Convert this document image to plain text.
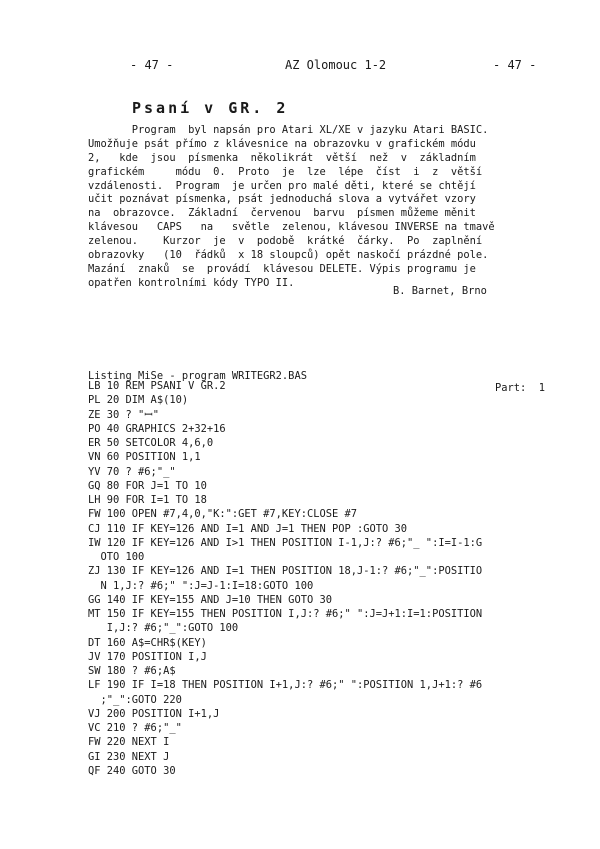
- 47 -	AZ Olomouc 1-2	- 47 -
Psaní v GR. 2
Program  byl napsán pro Atari XL/XE v jazyku Atari BASIC.
Umožňuje psát přímo z klávesnice na obrazovku v grafickém módu
2,   kde  jsou  písmenka  několikrát  větší  než  v  základním
grafickém     módu  0.  Proto  je  lze  lépe  číst  i  z  větší
vzdálenosti.  Program  je určen pro malé děti, které se chtějí
učit poznávat písmenka, psát jednoduchá slova a vytvářet vzory
na  obrazovce.  Základní  červenou  barvu  písmen můžeme měnit
klávesou   CAPS   na   světle  zelenou, klávesou INVERSE na tmavě
zelenou.    Kurzor  je  v  podobě  krátké  čárky.  Po  zaplnění
obrazovky   (10  řádků  x 18 sloupců) opět naskočí prázdné pole.
Mazání  znaků  se  provádí  klávesou DELETE. Výpis programu je
opatřen kontrolními kódy TYPO II.
B. Barnet, Brno

Listing MiSe - program WRITEGR2.BAS

Part:  1

LB 10 REM PSANI V GR.2
PL 20 DIM A$(10)
ZE 30 ? "ꟷ"
PO 40 GRAPHICS 2+32+16
ER 50 SETCOLOR 4,6,0
VN 60 POSITION 1,1
YV 70 ? #6;"_"
GQ 80 FOR J=1 TO 10
LH 90 FOR I=1 TO 18
FW 100 OPEN #7,4,0,"K:":GET #7,KEY:CLOSE #7
CJ 110 IF KEY=126 AND I=1 AND J=1 THEN POP :GOTO 30
IW 120 IF KEY=126 AND I>1 THEN POSITION I-1,J:? #6;"_ ":I=I-1:G
OTO 100
ZJ 130 IF KEY=126 AND I=1 THEN POSITION 18,J-1:? #6;"_":POSITIO
N 1,J:? #6;" ":J=J-1:I=18:GOTO 100
GG 140 IF KEY=155 AND J=10 THEN GOTO 30
MT 150 IF KEY=155 THEN POSITION I,J:? #6;" ":J=J+1:I=1:POSITION
I,J:? #6;"_":GOTO 100
DT 160 A$=CHR$(KEY)
JV 170 POSITION I,J
SW 180 ? #6;A$
LF 190 IF I=18 THEN POSITION I+1,J:? #6;" ":POSITION 1,J+1:? #6
;"_":GOTO 220
VJ 200 POSITION I+1,J
VC 210 ? #6;"_"
FW 220 NEXT I
GI 230 NEXT J
QF 240 GOTO 30
